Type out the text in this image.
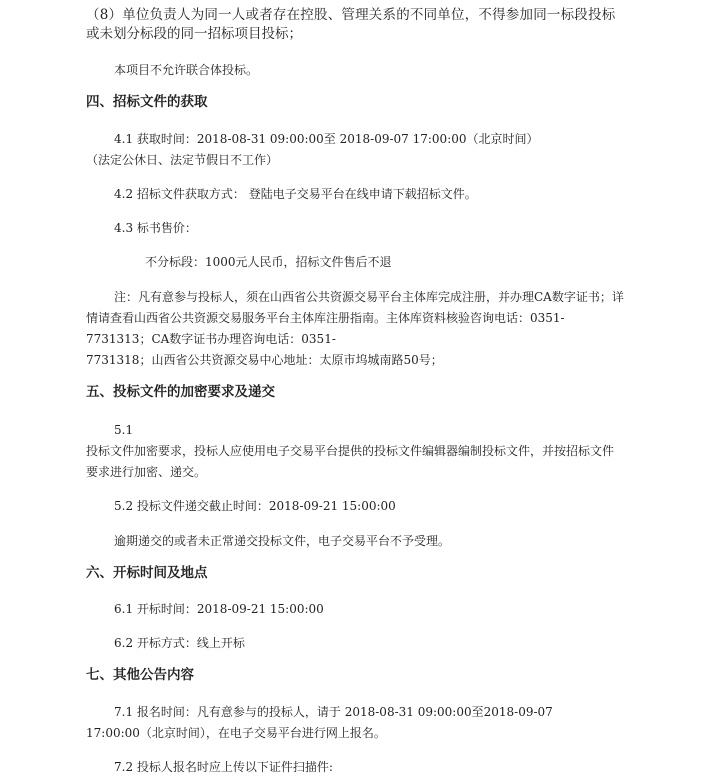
（8）单位负责人为同一人或者存在控股、管理关系的不同单位，不得参加同一标段投标
或未划分标段的同一招标项目投标；
本项目不允许联合体投标。
四、招标文件的获取
4.1 获取时间：2018-08-31 09:00:00至 2018-09-07 17:00:00（北京时间）
（法定公休日、法定节假日不工作）
4.2 招标文件获取方式： 登陆电子交易平台在线申请下载招标文件。
4.3 标书售价：
不分标段：1000元人民币，招标文件售后不退
注：凡有意参与投标人，须在山西省公共资源交易平台主体库完成注册，并办理CA数字证书；详
情请查看山西省公共资源交易服务平台主体库注册指南。主体库资料核验咨询电话：0351-
7731313；CA数字证书办理咨询电话：0351-
7731318；山西省公共资源交易中心地址：太原市坞城南路50号；
五、投标文件的加密要求及递交
5.1
投标文件加密要求，投标人应使用电子交易平台提供的投标文件编辑器编制投标文件，并按招标文件
要求进行加密、递交。
5.2 投标文件递交截止时间：2018-09-21 15:00:00
逾期递交的或者未正常递交投标文件，电子交易平台不予受理。
六、开标时间及地点
6.1 开标时间：2018-09-21 15:00:00
6.2 开标方式：线上开标
七、其他公告内容
7.1 报名时间：凡有意参与的投标人，请于 2018-08-31 09:00:00至2018-09-07
17:00:00（北京时间），在电子交易平台进行网上报名。
7.2 投标人报名时应上传以下证件扫描件:
